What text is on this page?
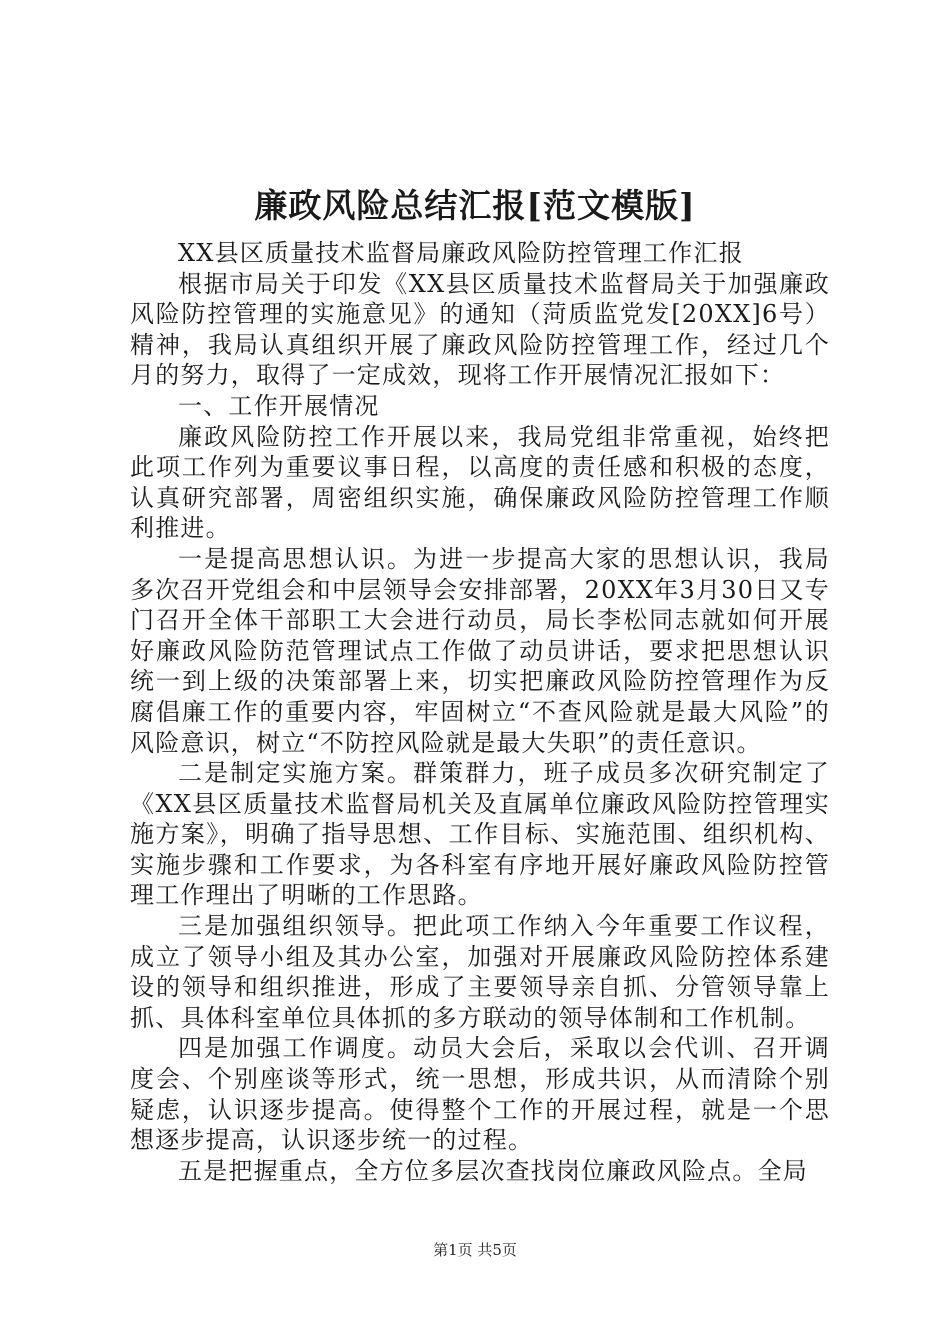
廉政风险总结汇报[范文模版]

XX县区质量技术监督局廉政风险防控管理工作汇报

根据市局关于印发《XX县区质量技术监督局关于加强廉政风险防控管理的实施意见》的通知（菏质监党发[20XX]6号）精神，我局认真组织开展了廉政风险防控管理工作，经过几个月的努力，取得了一定成效，现将工作开展情况汇报如下：

一、工作开展情况

廉政风险防控工作开展以来，我局党组非常重视，始终把此项工作列为重要议事日程，以高度的责任感和积极的态度，认真研究部署，周密组织实施，确保廉政风险防控管理工作顺利推进。

一是提高思想认识。为进一步提高大家的思想认识，我局多次召开党组会和中层领导会安排部署，20XX年3月30日又专门召开全体干部职工大会进行动员，局长李松同志就如何开展好廉政风险防范管理试点工作做了动员讲话，要求把思想认识统一到上级的决策部署上来，切实把廉政风险防控管理作为反腐倡廉工作的重要内容，牢固树立“不查风险就是最大风险”的风险意识，树立“不防控风险就是最大失职”的责任意识。

二是制定实施方案。群策群力，班子成员多次研究制定了《XX县区质量技术监督局机关及直属单位廉政风险防控管理实施方案》，明确了指导思想、工作目标、实施范围、组织机构、实施步骤和工作要求，为各科室有序地开展好廉政风险防控管理工作理出了明晰的工作思路。

三是加强组织领导。把此项工作纳入今年重要工作议程，成立了领导小组及其办公室，加强对开展廉政风险防控体系建设的领导和组织推进，形成了主要领导亲自抓、分管领导靠上抓、具体科室单位具体抓的多方联动的领导体制和工作机制。

四是加强工作调度。动员大会后，采取以会代训、召开调度会、个别座谈等形式，统一思想，形成共识，从而清除个别疑虑，认识逐步提高。使得整个工作的开展过程，就是一个思想逐步提高，认识逐步统一的过程。

五是把握重点，全方位多层次查找岗位廉政风险点。全局

第1页 共5页
